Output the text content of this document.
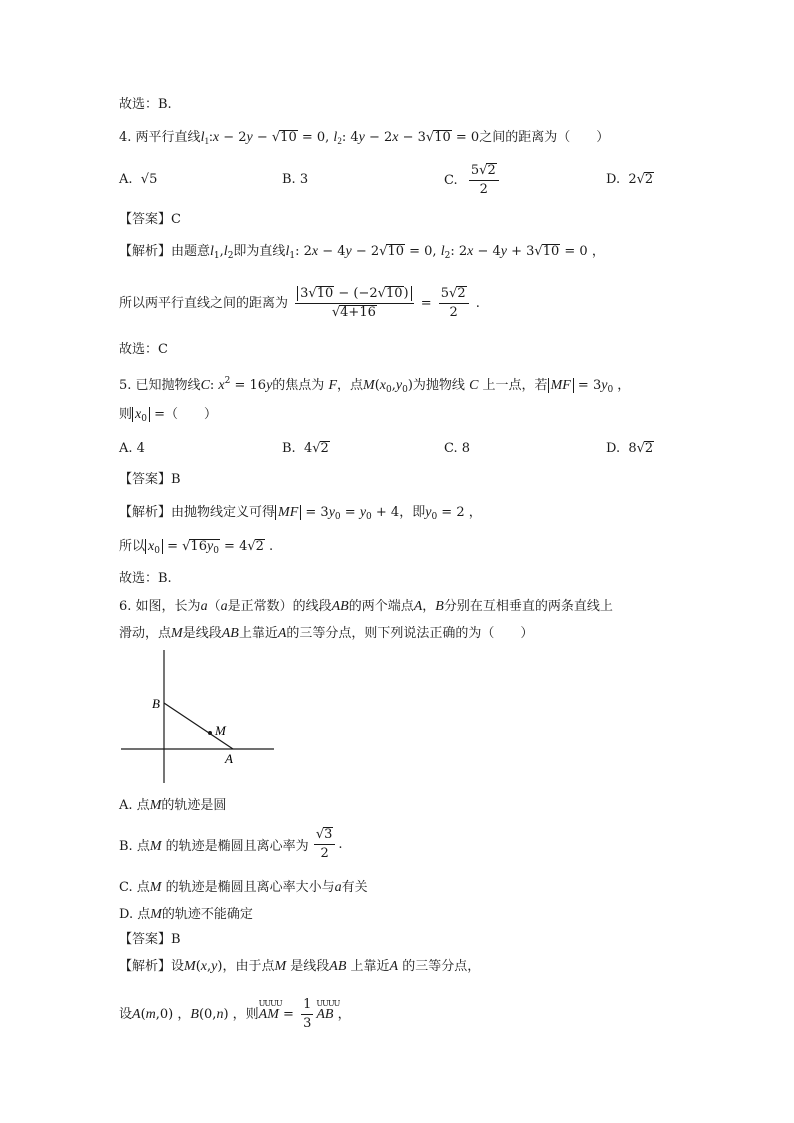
故选：B.
4. 两平行直线$l_1:x - 2y - √10 = 0$, $l_2$: 4y − 2x − 3√10 = 0之间的距离为（　　）
A. √5	B. 3	C. $\frac{5√2}{2}$	D.  2√2
【答案】C
【解析】由题意$l_1,l_2$即为直线$l_1$: 2x − 4y − 2√10 = 0, $l_2$: 2x − 4y + 3√10 = 0 ，
所以两平行直线之间的距离为 $\frac{3√10 - (-2√10)}{√4+16} = \frac{5√2}{2}$ .
故选：C
5. 已知抛物线C: $x^2 = 16y$的焦点为 F，点$M(x_0,y_0)$为抛物线 C 上一点，若 MF = $3y_0$ ，
则 $x_0$ =（　　）
A. 4	B.  4√2	C. 8	D.  8√2
【答案】B
【解析】由抛物线定义可得 MF = $3y_0 = y_0 + 4$，即$y_0 = 2$ ，
所以 $x_0 = √16y_0 = 4√2$ .
故选：B.
6. 如图，长为a（a是正常数）的线段AB的两个端点A，B分别在互相垂直的两条直线上
滑动，点M是线段AB上靠近A的三等分点，则下列说法正确的为（　　）
B
M
A
A. 点M的轨迹是圆
B. 点M 的轨迹是椭圆且离心率为 $\frac{√3}{2}$ .
C. 点M 的轨迹是椭圆且离心率大小与a有关
D. 点M的轨迹不能确定
【答案】B
【解析】设M(x,y)，由于点M 是线段AB 上靠近A 的三等分点，
设A(m,0) ，B(0,n) ，则
UUUU
AM = $\frac{1}{3}$ UUUU
AB ，
